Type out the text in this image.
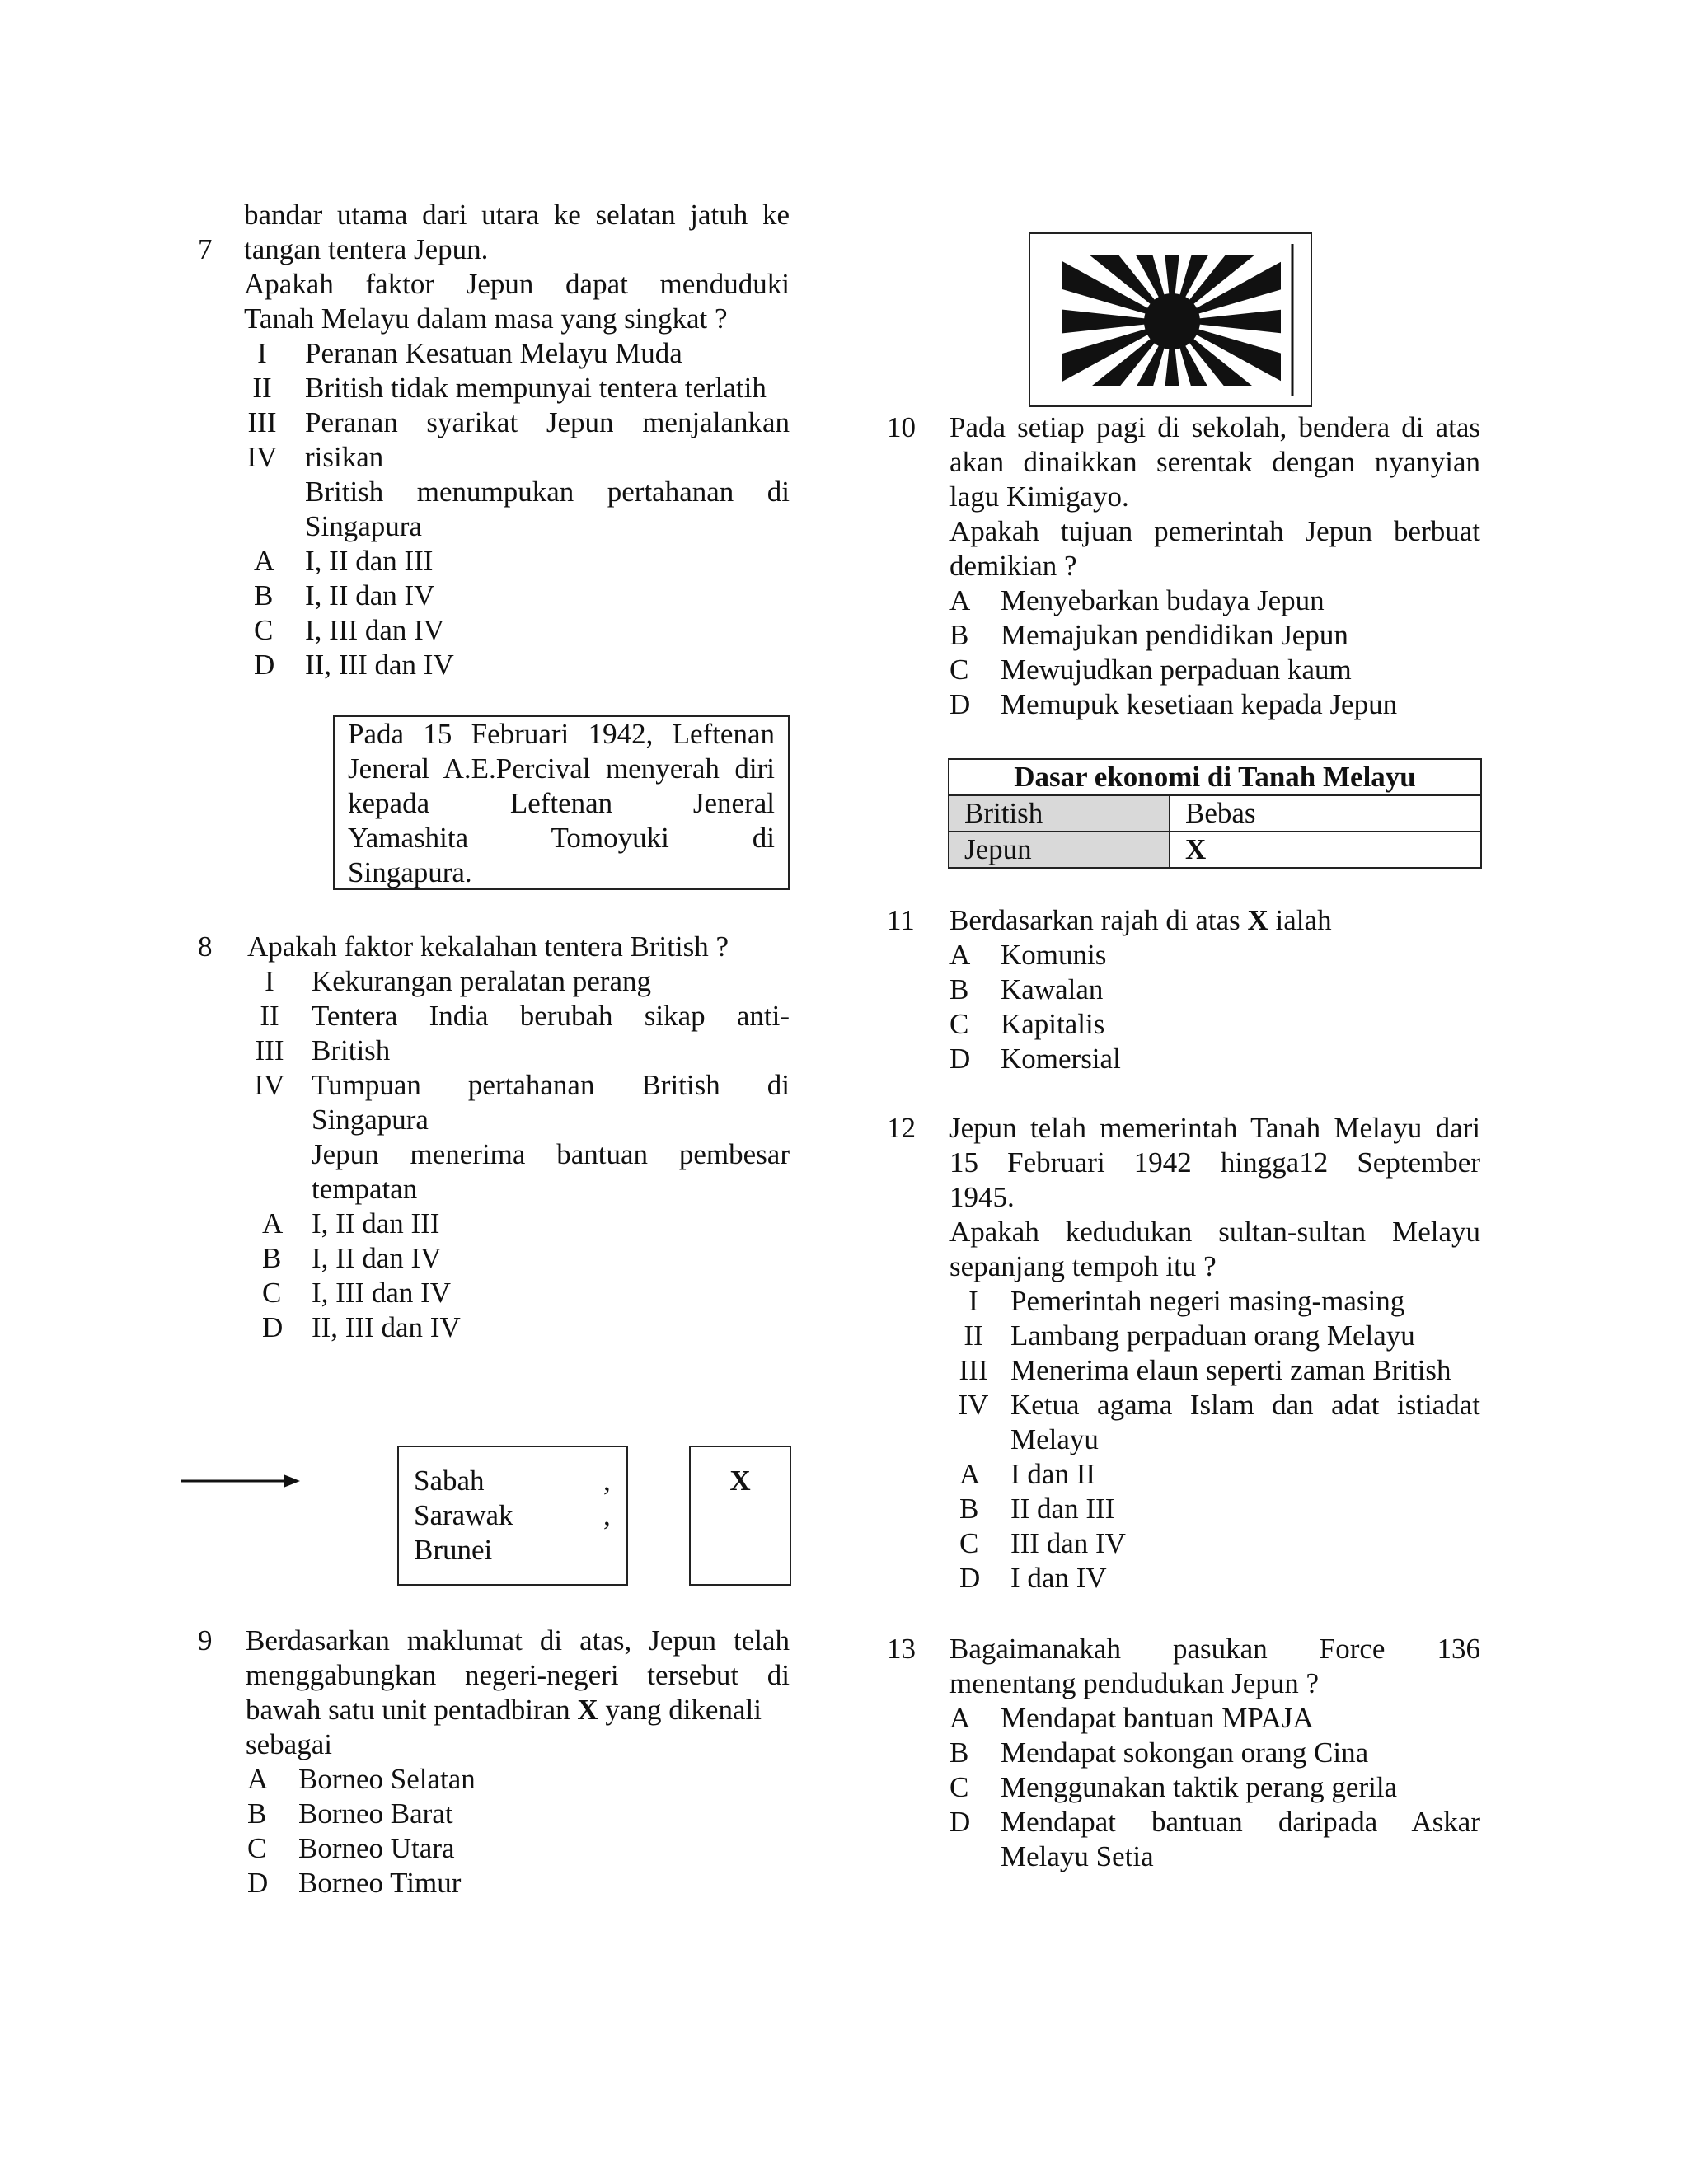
bandar utama dari utara ke selatan jatuh ke
7 tangan tentera Jepun.
Apakah faktor Jepun dapat menduduki
Tanah Melayu dalam masa yang singkat ?
I
II
III
IV
Peranan Kesatuan Melayu Muda
British tidak mempunyai tentera terlatih
Peranan syarikat Jepun menjalankan
risikan
British menumpukan pertahanan di
Singapura
A I, II dan III
B I, II dan IV
C I, III dan IV
D II, III dan IV
Pada 15 Februari 1942, Leftenan
Jeneral A.E.Percival menyerah diri
kepada Leftenan Jeneral
Yamashita Tomoyuki di
Singapura.
8 Apakah faktor kekalahan tentera British ?
I
II
III
IV
Kekurangan peralatan perang
Tentera India berubah sikap anti-
British
Tumpuan pertahanan British di
Singapura
Jepun menerima bantuan pembesar
tempatan
A I, II dan III
B I, II dan IV
C I, III dan IV
D II, III dan IV
Sabah	,
Sarawak	,
Brunei
X
9 Berdasarkan maklumat di atas, Jepun telah
menggabungkan negeri-negeri tersebut di
bawah satu unit pentadbiran X yang dikenali
sebagai
A Borneo Selatan
B Borneo Barat
C Borneo Utara
D Borneo Timur
10 Pada setiap pagi di sekolah, bendera di atas
akan dinaikkan serentak dengan nyanyian
lagu Kimigayo.
Apakah tujuan pemerintah Jepun berbuat
demikian ?
A Menyebarkan budaya Jepun
B Memajukan pendidikan Jepun
C Mewujudkan perpaduan kaum
D Memupuk kesetiaan kepada Jepun
Dasar ekonomi di Tanah Melayu	
British	Bebas
Jepun	X
11 Berdasarkan rajah di atas X ialah
A Komunis
B Kawalan
C Kapitalis
D Komersial
12 Jepun telah memerintah Tanah Melayu dari
15 Februari 1942 hingga12 September
1945.
Apakah kedudukan sultan-sultan Melayu
sepanjang tempoh itu ?
I
II
III
IV
Pemerintah negeri masing-masing
Lambang perpaduan orang Melayu
Menerima elaun seperti zaman British
Ketua agama Islam dan adat istiadat
Melayu
A I dan II
B II dan III
C III dan IV
D I dan IV
13 Bagaimanakah pasukan Force 136
menentang pendudukan Jepun ?
A Mendapat bantuan MPAJA
B Mendapat sokongan orang Cina
C Menggunakan taktik perang gerila
D Mendapat bantuan daripada Askar
Melayu Setia
